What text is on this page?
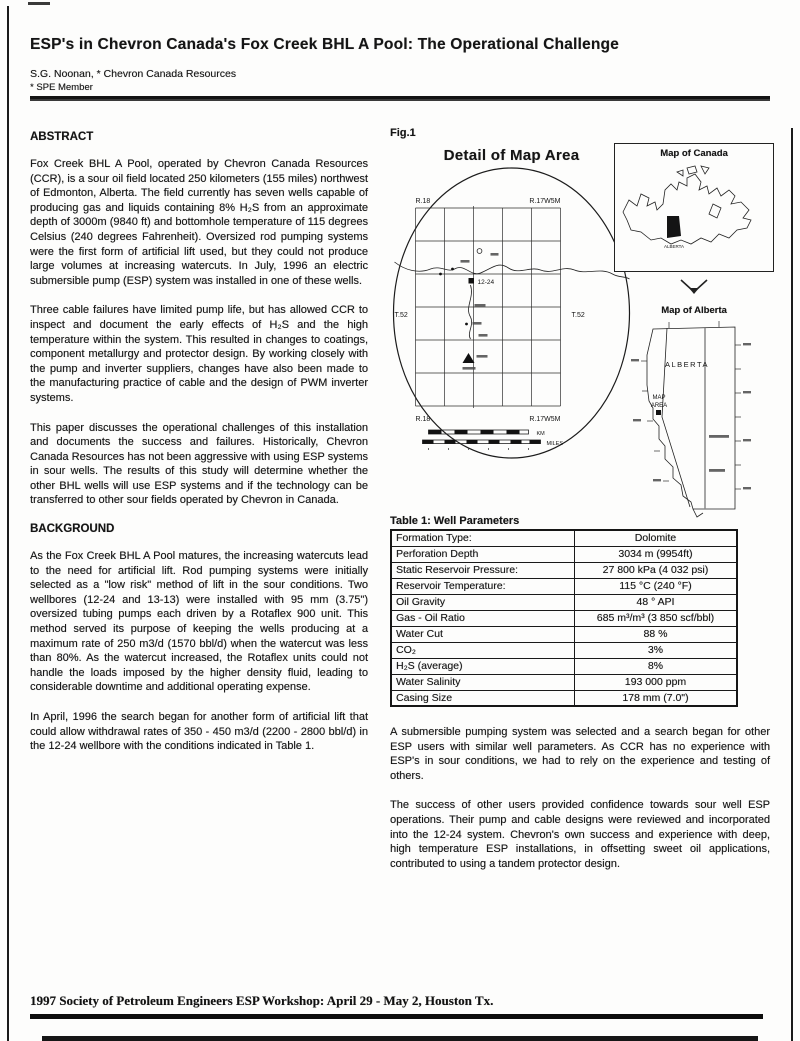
ESP's in Chevron Canada's Fox Creek BHL A Pool: The Operational Challenge

S.G. Noonan, * Chevron Canada Resources

* SPE Member

ABSTRACT

Fox Creek BHL A Pool, operated by Chevron Canada Resources (CCR), is a sour oil field located 250 kilometers (155 miles) northwest of Edmonton, Alberta. The field currently has seven wells capable of producing gas and liquids containing 8% H₂S from an approximate depth of 3000m (9840 ft) and bottomhole temperature of 115 degrees Celsius (240 degrees Fahrenheit). Oversized rod pumping systems were the first form of artificial lift used, but they could not produce large volumes at increasing watercuts. In July, 1996 an electric submersible pump (ESP) system was installed in one of these wells.

Three cable failures have limited pump life, but has allowed CCR to inspect and document the early effects of H₂S and the high temperature within the system. This resulted in changes to coatings, component metallurgy and protector design. By working closely with the pump and inverter suppliers, changes have also been made to the manufacturing practice of cable and the design of PWM inverter systems.

This paper discusses the operational challenges of this installation and documents the success and failures. Historically, Chevron Canada Resources has not been aggressive with using ESP systems in sour wells. The results of this study will determine whether the other BHL wells will use ESP systems and if the technology can be transferred to other sour fields operated by Chevron in Canada.

BACKGROUND

As the Fox Creek BHL A Pool matures, the increasing watercuts lead to the need for artificial lift. Rod pumping systems were initially selected as a "low risk" method of lift in the sour conditions. Two wellbores (12-24 and 13-13) were installed with 95 mm (3.75") oversized tubing pumps each driven by a Rotaflex 900 unit. This method served its purpose of keeping the wells producing at a maximum rate of 250 m3/d (1570 bbl/d) when the watercut was less than 80%. As the watercut increased, the Rotaflex units could not handle the loads imposed by the higher density fluid, leading to considerable downtime and additional operating expense.

In April, 1996 the search began for another form of artificial lift that could allow withdrawal rates of 350 - 450 m3/d (2200 - 2800 bbl/d) in the 12-24 wellbore with the conditions indicated in Table 1.

Fig.1
Detail of Map Area
12-24
R.18	R.17W5M
T.52	T.52
R.18	R.17W5M
KM
MILES
Map of Canada
ALBERTA
Map of Alberta
ALBERTA
MAP
AREA
Table 1: Well Parameters
Formation Type:	Dolomite
Perforation Depth	3034 m (9954ft)
Static Reservoir Pressure:	27 800 kPa (4 032 psi)
Reservoir Temperature:	115 °C (240 °F)
Oil Gravity	48 ° API
Gas - Oil Ratio	685 m³/m³ (3 850 scf/bbl)
Water Cut	88 %
CO₂	3%
H₂S (average)	8%
Water Salinity	193 000 ppm
Casing Size	178 mm (7.0")

A submersible pumping system was selected and a search began for other ESP users with similar well parameters. As CCR has no experience with ESP's in sour conditions, we had to rely on the experience and testing of others.

The success of other users provided confidence towards sour well ESP operations. Their pump and cable designs were reviewed and incorporated into the 12-24 system. Chevron's own success and experience with deep, high temperature ESP installations, in offsetting sweet oil applications, contributed to using a tandem protector design.

1997 Society of Petroleum Engineers ESP Workshop: April 29 - May 2, Houston Tx.
